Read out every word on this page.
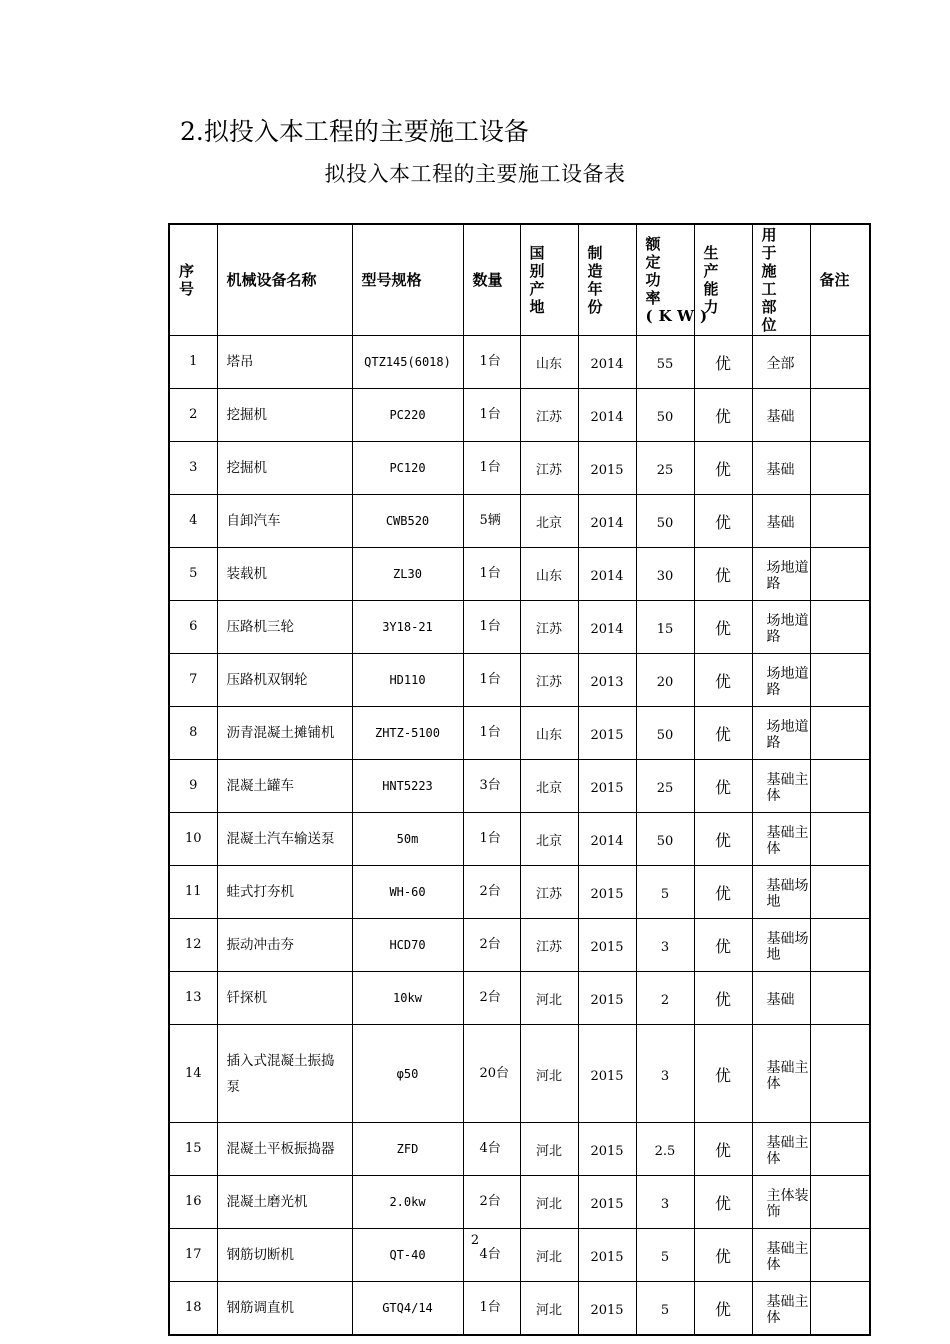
2.拟投入本工程的主要施工设备
拟投入本工程的主要施工设备表
序号	机械设备名称	型号规格	数量	国别产地	制造年份	额定功率(KW)	生产能力	用于施工部位	备注
1	塔吊	QTZ145(6018)	1台	山东	2014	55	优	全部	
2	挖掘机	PC220	1台	江苏	2014	50	优	基础	
3	挖掘机	PC120	1台	江苏	2015	25	优	基础	
4	自卸汽车	CWB520	5辆	北京	2014	50	优	基础	
5	装载机	ZL30	1台	山东	2014	30	优	场地道路	
6	压路机三轮	3Y18-21	1台	江苏	2014	15	优	场地道路	
7	压路机双钢轮	HD110	1台	江苏	2013	20	优	场地道路	
8	沥青混凝土摊铺机	ZHTZ-5100	1台	山东	2015	50	优	场地道路	
9	混凝土罐车	HNT5223	3台	北京	2015	25	优	基础主体	
10	混凝土汽车输送泵	50m	1台	北京	2014	50	优	基础主体	
11	蛙式打夯机	WH-60	2台	江苏	2015	5	优	基础场地	
12	振动冲击夯	HCD70	2台	江苏	2015	3	优	基础场地	
13	钎探机	10kw	2台	河北	2015	2	优	基础	
14	插入式混凝土振捣泵	φ50	20台	河北	2015	3	优	基础主体	
15	混凝土平板振捣器	ZFD	4台	河北	2015	2.5	优	基础主体	
16	混凝土磨光机	2.0kw	2台	河北	2015	3	优	主体装饰	
17	钢筋切断机	QT-40	4台	河北	2015	5	优	基础主体	
18	钢筋调直机	GTQ4/14	1台	河北	2015	5	优	基础主体	
2
